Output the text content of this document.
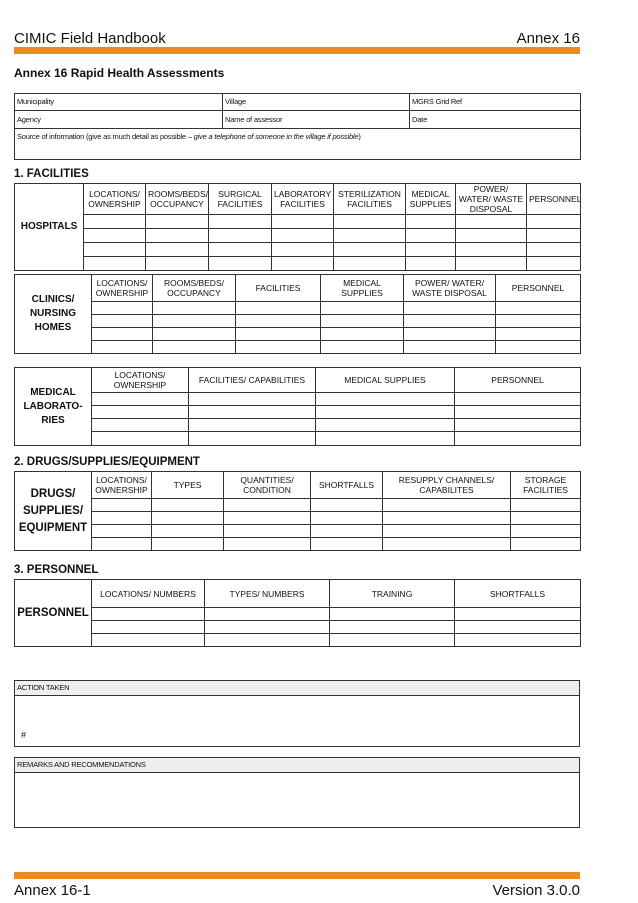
CIMIC Field Handbook	Annex 16
Annex 16 Rapid Health Assessments
Municipality	Village	MGRS Grid Ref
Agency	Name of assessor	Date
Source of information (give as much detail as possible – give a telephone of someone in the village if possible)		
1. FACILITIES
HOSPITALS	LOCATIONS/ OWNERSHIP	ROOMS/BEDS/ OCCUPANCY	SURGICAL FACILITIES	LABORATORY FACILITIES	STERILIZATION FACILITIES	MEDICAL SUPPLIES	POWER/ WATER/ WASTE DISPOSAL	PERSONNEL

CLINICS/ NURSING HOMES	LOCATIONS/ OWNERSHIP	ROOMS/BEDS/ OCCUPANCY	FACILITIES	MEDICAL SUPPLIES	POWER/ WATER/ WASTE DISPOSAL	PERSONNEL

MEDICAL LABORATO-RIES	LOCATIONS/ OWNERSHIP	FACILITIES/ CAPABILITIES	MEDICAL SUPPLIES	PERSONNEL

2. DRUGS/SUPPLIES/EQUIPMENT
DRUGS/ SUPPLIES/ EQUIPMENT	LOCATIONS/ OWNERSHIP	TYPES	QUANTITIES/ CONDITION	SHORTFALLS	RESUPPLY CHANNELS/ CAPABILITES	STORAGE FACILITIES

3. PERSONNEL
PERSONNEL	LOCATIONS/ NUMBERS	TYPES/ NUMBERS	TRAINING	SHORTFALLS

ACTION TAKEN
#
REMARKS AND RECOMMENDATIONS

Annex 16-1	Version 3.0.0
